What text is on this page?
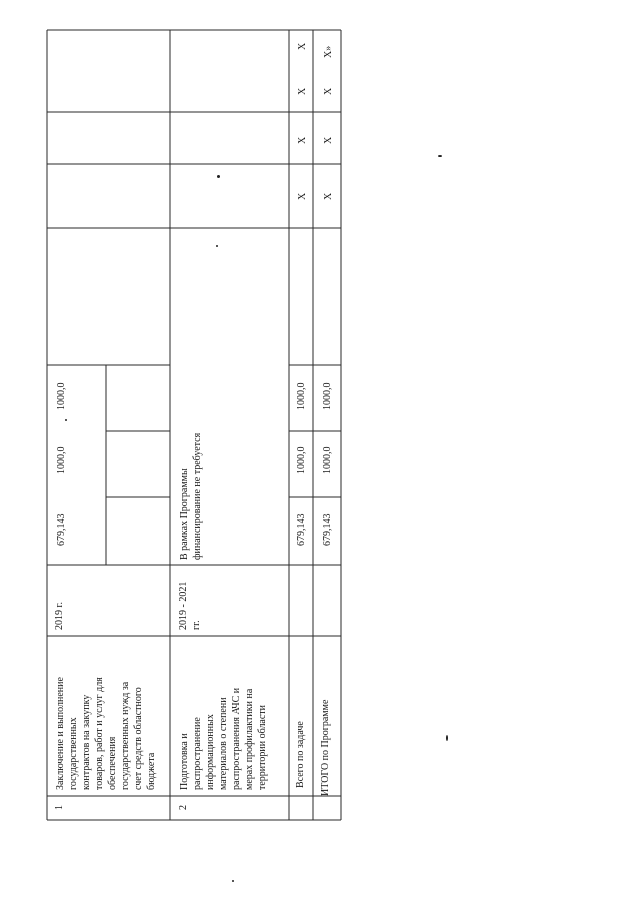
1
Заключение и выполнение государственных контрактов на закупку товаров, работ и услуг для обеспечения государственных нужд за счет средств областного бюджета
2019 г.
679,143
1000,0
1000,0
2
Подготовка и распространение информационных материалов о степени распространения АЧС и мерах профилактики на территории области
2019 - 2021 гг.
В рамках Программы финансирование не требуется
Всего по задаче
679,143
1000,0
1000,0
X
X
X
X
ИТОГО по Программе
679,143
1000,0
1000,0
X
X
X
X»
